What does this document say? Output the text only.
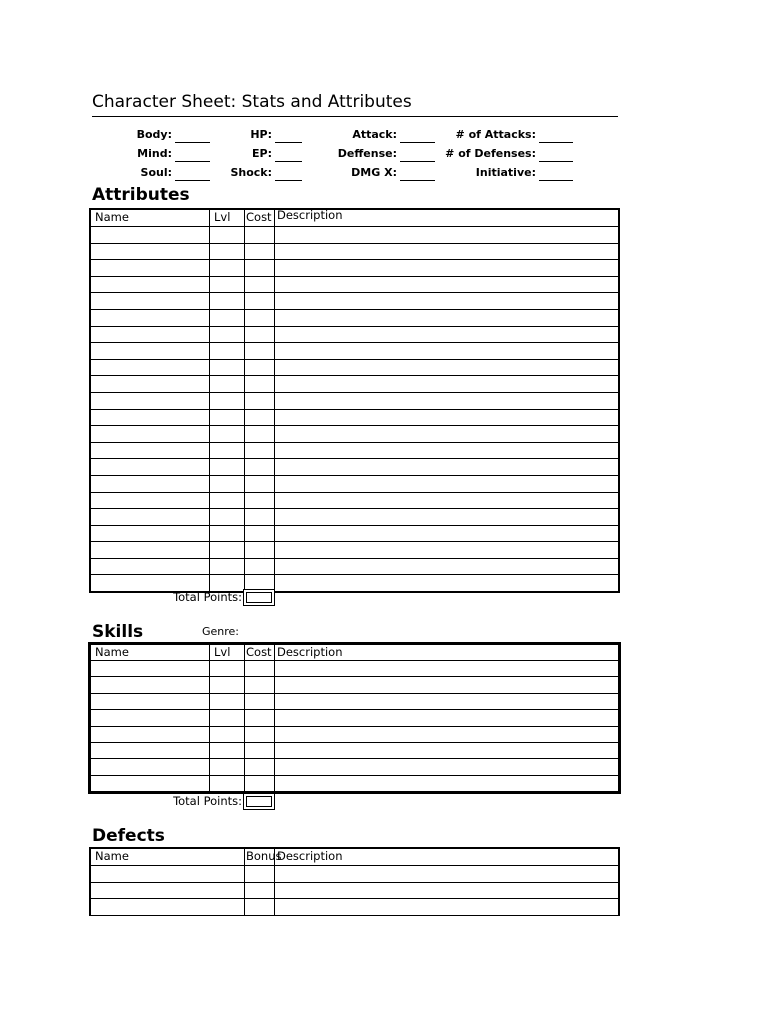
Character Sheet: Stats and Attributes
Body:
Mind:
Soul:
HP:
EP:
Shock:
Attack:
Deffense:
DMG X:
# of Attacks:
# of Defenses:
Initiative:
Attributes
Name	Lvl	Cost	Description

Total Points:
Skills	Genre:
Name	Lvl	Cost	Description

Total Points:
Defects
Name	Bonus	Description
